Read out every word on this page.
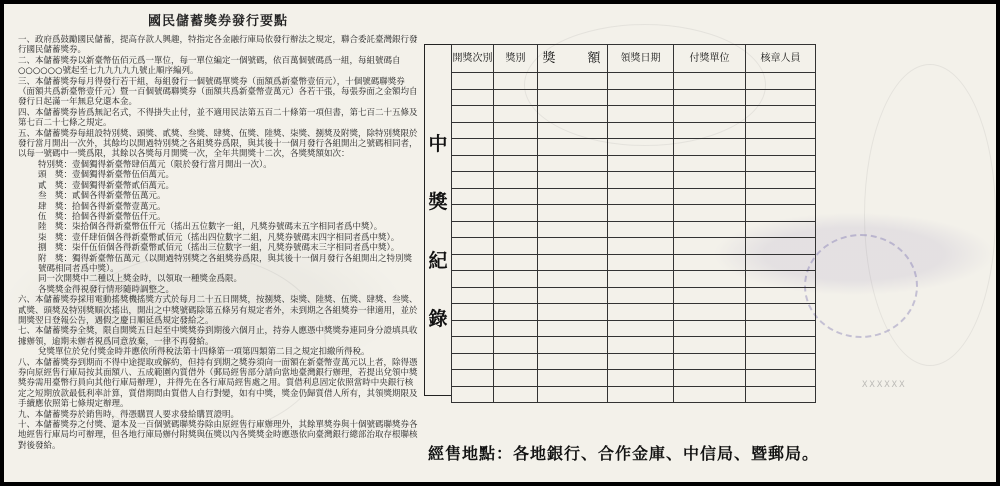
國民儲蓄獎券發行要點

一、政府爲鼓勵國民儲蓄，提高存款人興趣，特指定各金融行庫局依發行辦法之規定，聯合委託臺灣銀行發行國民儲蓄獎券。

二、本儲蓄獎券以新臺幣伍佰元爲一單位，每一單位編定一個號碼，依百萬個號碼爲一組，每組號碼自○○○○○○號起至七九九九九九號止順序編列。

三、本儲蓄獎券每月得發行若干組，每組發行一個號碼單獎券（面額爲新臺幣壹佰元），十個號碼聯獎券（面額共爲新臺幣壹仟元）暨一百個號碼聯獎券（面額共爲新臺幣壹萬元）各若干張，每張券面之金額均自發行日起滿一年無息兌還本金。

四、本儲蓄獎券皆爲無記名式，不得掛失止付，並不適用民法第五百二十條第一項但書，第七百二十五條及第七百二十七條之規定。

五、本儲蓄獎券每組設特別獎、頭獎、貳獎、叁獎、肆獎、伍獎、陸獎、柒獎、捌獎及附獎，除特別獎限於發行當月開出一次外，其餘均以開過特別獎之各組獎券爲限，與其後十一個月發行各組開出之號碼相同者，以每一號碼中一獎爲限，其餘以各獎每月開獎一次，全年共開獎十二次，各獎獎額如次：

特別獎：壹個獨得新臺幣肆佰萬元（限於發行當月開出一次）。
頭　獎：壹個獨得新臺幣伍佰萬元。
貳　獎：壹個獨得新臺幣貳佰萬元。
叁　獎：貳個各得新臺幣伍萬元。
肆　獎：拾個各得新臺幣壹萬元。
伍　獎：拾個各得新臺幣伍仟元。
陸　獎：柒拾個各得新臺幣伍仟元（搖出五位數字一組，凡獎券號碼末五字相同者爲中獎）。
柒　獎：壹仟肆佰個各得新臺幣貳佰元（搖出四位數字二組，凡獎券號碼末四字相同者爲中獎）。
捌　獎：柒仟伍佰個各得新臺幣貳佰元（搖出三位數字一組，凡獎券號碼末三字相同者爲中獎）。
附　獎：獨得新臺幣伍萬元（以開過特別獎之各組獎券爲限，與其後十一個月發行各組開出之特別獎號碼相同者爲中獎）。

同一次開獎中二種以上獎金時，以領取一種獎金爲限。

各獎獎金得視發行情形隨時調整之。

六、本儲蓄獎券採用電動搖獎機搖獎方式於每月二十五日開獎，按捌獎、柒獎、陸獎、伍獎、肆獎、叁獎、貳獎、頭獎及特別獎順次搖出，開出之中獎號碼除第五條另有規定者外，未到期之各組獎券一律適用，並於開獎翌日登報公告，遇假之慶日順延爲規定發給之。

七、本儲蓄獎券全獎，限自開獎五日起至中獎獎券到期後六個月止，持券人應憑中獎獎券連同身分證填具收據辦領，逾期未辦者視爲同意放棄，一律不再發給。

兌獎單位於兌付獎金時并應依所得稅法第十四條第一項第四類第二目之規定扣繳所得稅。

八、本儲蓄獎券到期而不得中途提取或解約，但持有到期之獎券須向一面額在新臺幣壹萬元以上者，除得憑券向原經售行庫局按其面額八、五成範圍內質借外（郵局經售部分請向當地臺灣銀行辦理，若提出兌領中獎獎券需用臺幣行員向其他行庫局辦理），并得先在各行庫局經售處之用。質借利息固定依照當時中央銀行核定之短期放款最低利率計算，質借期間由質借人自行對變，如有中獎，獎金仍歸質借人所有，其領獎期限及手續應依照第七條規定辦理。

九、本儲蓄獎券於銷售時，得憑購買人要求發給購買證明。

十、本儲蓄獎券之付獎、還本及一百個號碼聯獎券除由原經售行庫辦理外，其餘單獎券與十個號碼聯獎券各地經售行庫局均可辦理，但各地行庫局辦付附獎與伍獎以內各獎獎金時應憑依向臺灣銀行總部治取存根聯核對後發給。

中
獎
紀
錄
開獎次別	獎別	獎　　額	領獎日期	付獎單位	核章人員

經售地點：各地銀行、合作金庫、中信局、暨郵局。
XXXXXX
